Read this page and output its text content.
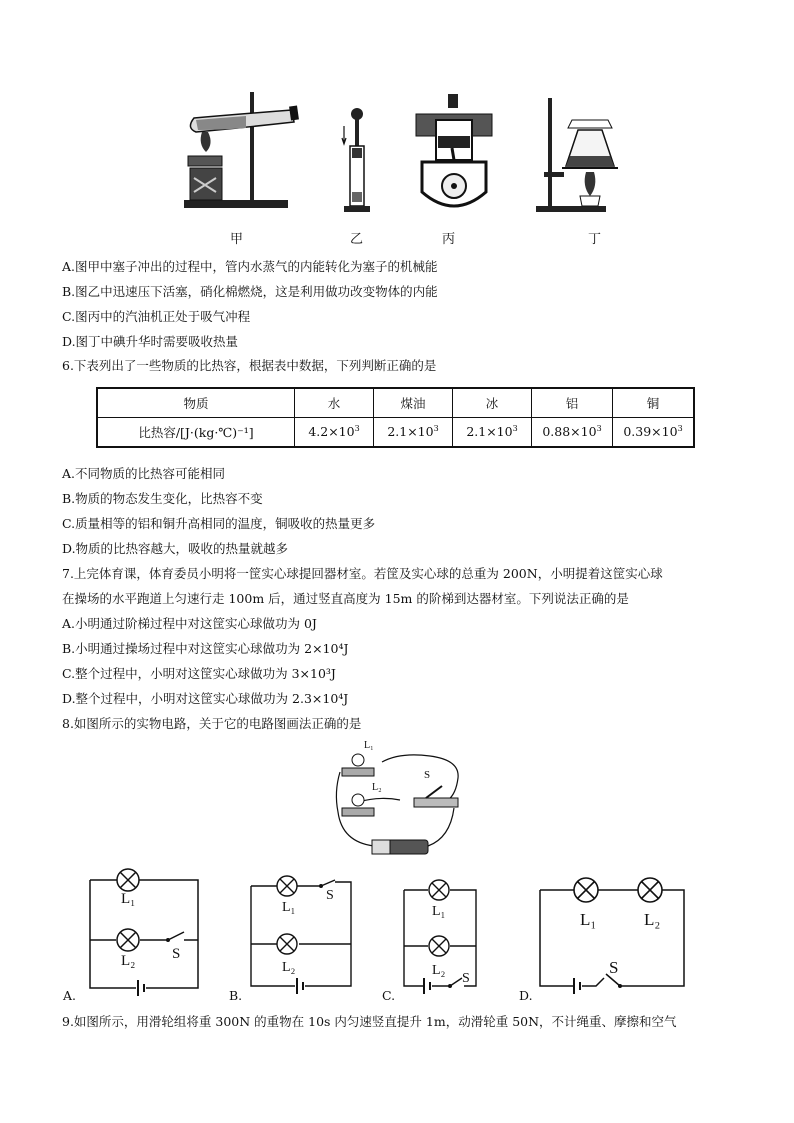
甲	乙	丙	丁
A.图甲中塞子冲出的过程中，管内水蒸气的内能转化为塞子的机械能
B.图乙中迅速压下活塞，硝化棉燃烧，这是利用做功改变物体的内能
C.图丙中的汽油机正处于吸气冲程
D.图丁中碘升华时需要吸收热量
6.下表列出了一些物质的比热容，根据表中数据，下列判断正确的是
物质	水	煤油	冰	铝	铜
比热容/[J·(kg·℃)⁻¹]	$4.2\times 10^3$	$2.1\times 10^3$	$2.1\times 10^3$	$0.88\times 10^3$	$0.39\times 10^3$
A.不同物质的比热容可能相同
B.物质的物态发生变化，比热容不变
C.质量相等的铝和铜升高相同的温度，铜吸收的热量更多
D.物质的比热容越大，吸收的热量就越多
7.上完体育课，体育委员小明将一筐实心球提回器材室。若筐及实心球的总重为 200N，小明提着这筐实心球
在操场的水平跑道上匀速行走 100m 后，通过竖直高度为 15m 的阶梯到达器材室。下列说法正确的是
A.小明通过阶梯过程中对这筐实心球做功为 0J
B.小明通过操场过程中对这筐实心球做功为 2×10⁴J
C.整个过程中，小明对这筐实心球做功为 3×10³J
D.整个过程中，小明对这筐实心球做功为 2.3×10⁴J
8.如图所示的实物电路，关于它的电路图画法正确的是
L₁
L₂
S
L₁
L₂ S
A.
L₁
S
L₂
B.
L₁
L₂
S
C.
L₁	L₂
S
D.
9.如图所示，用滑轮组将重 300N 的重物在 10s 内匀速竖直提升 1m，动滑轮重 50N，不计绳重、摩擦和空气
